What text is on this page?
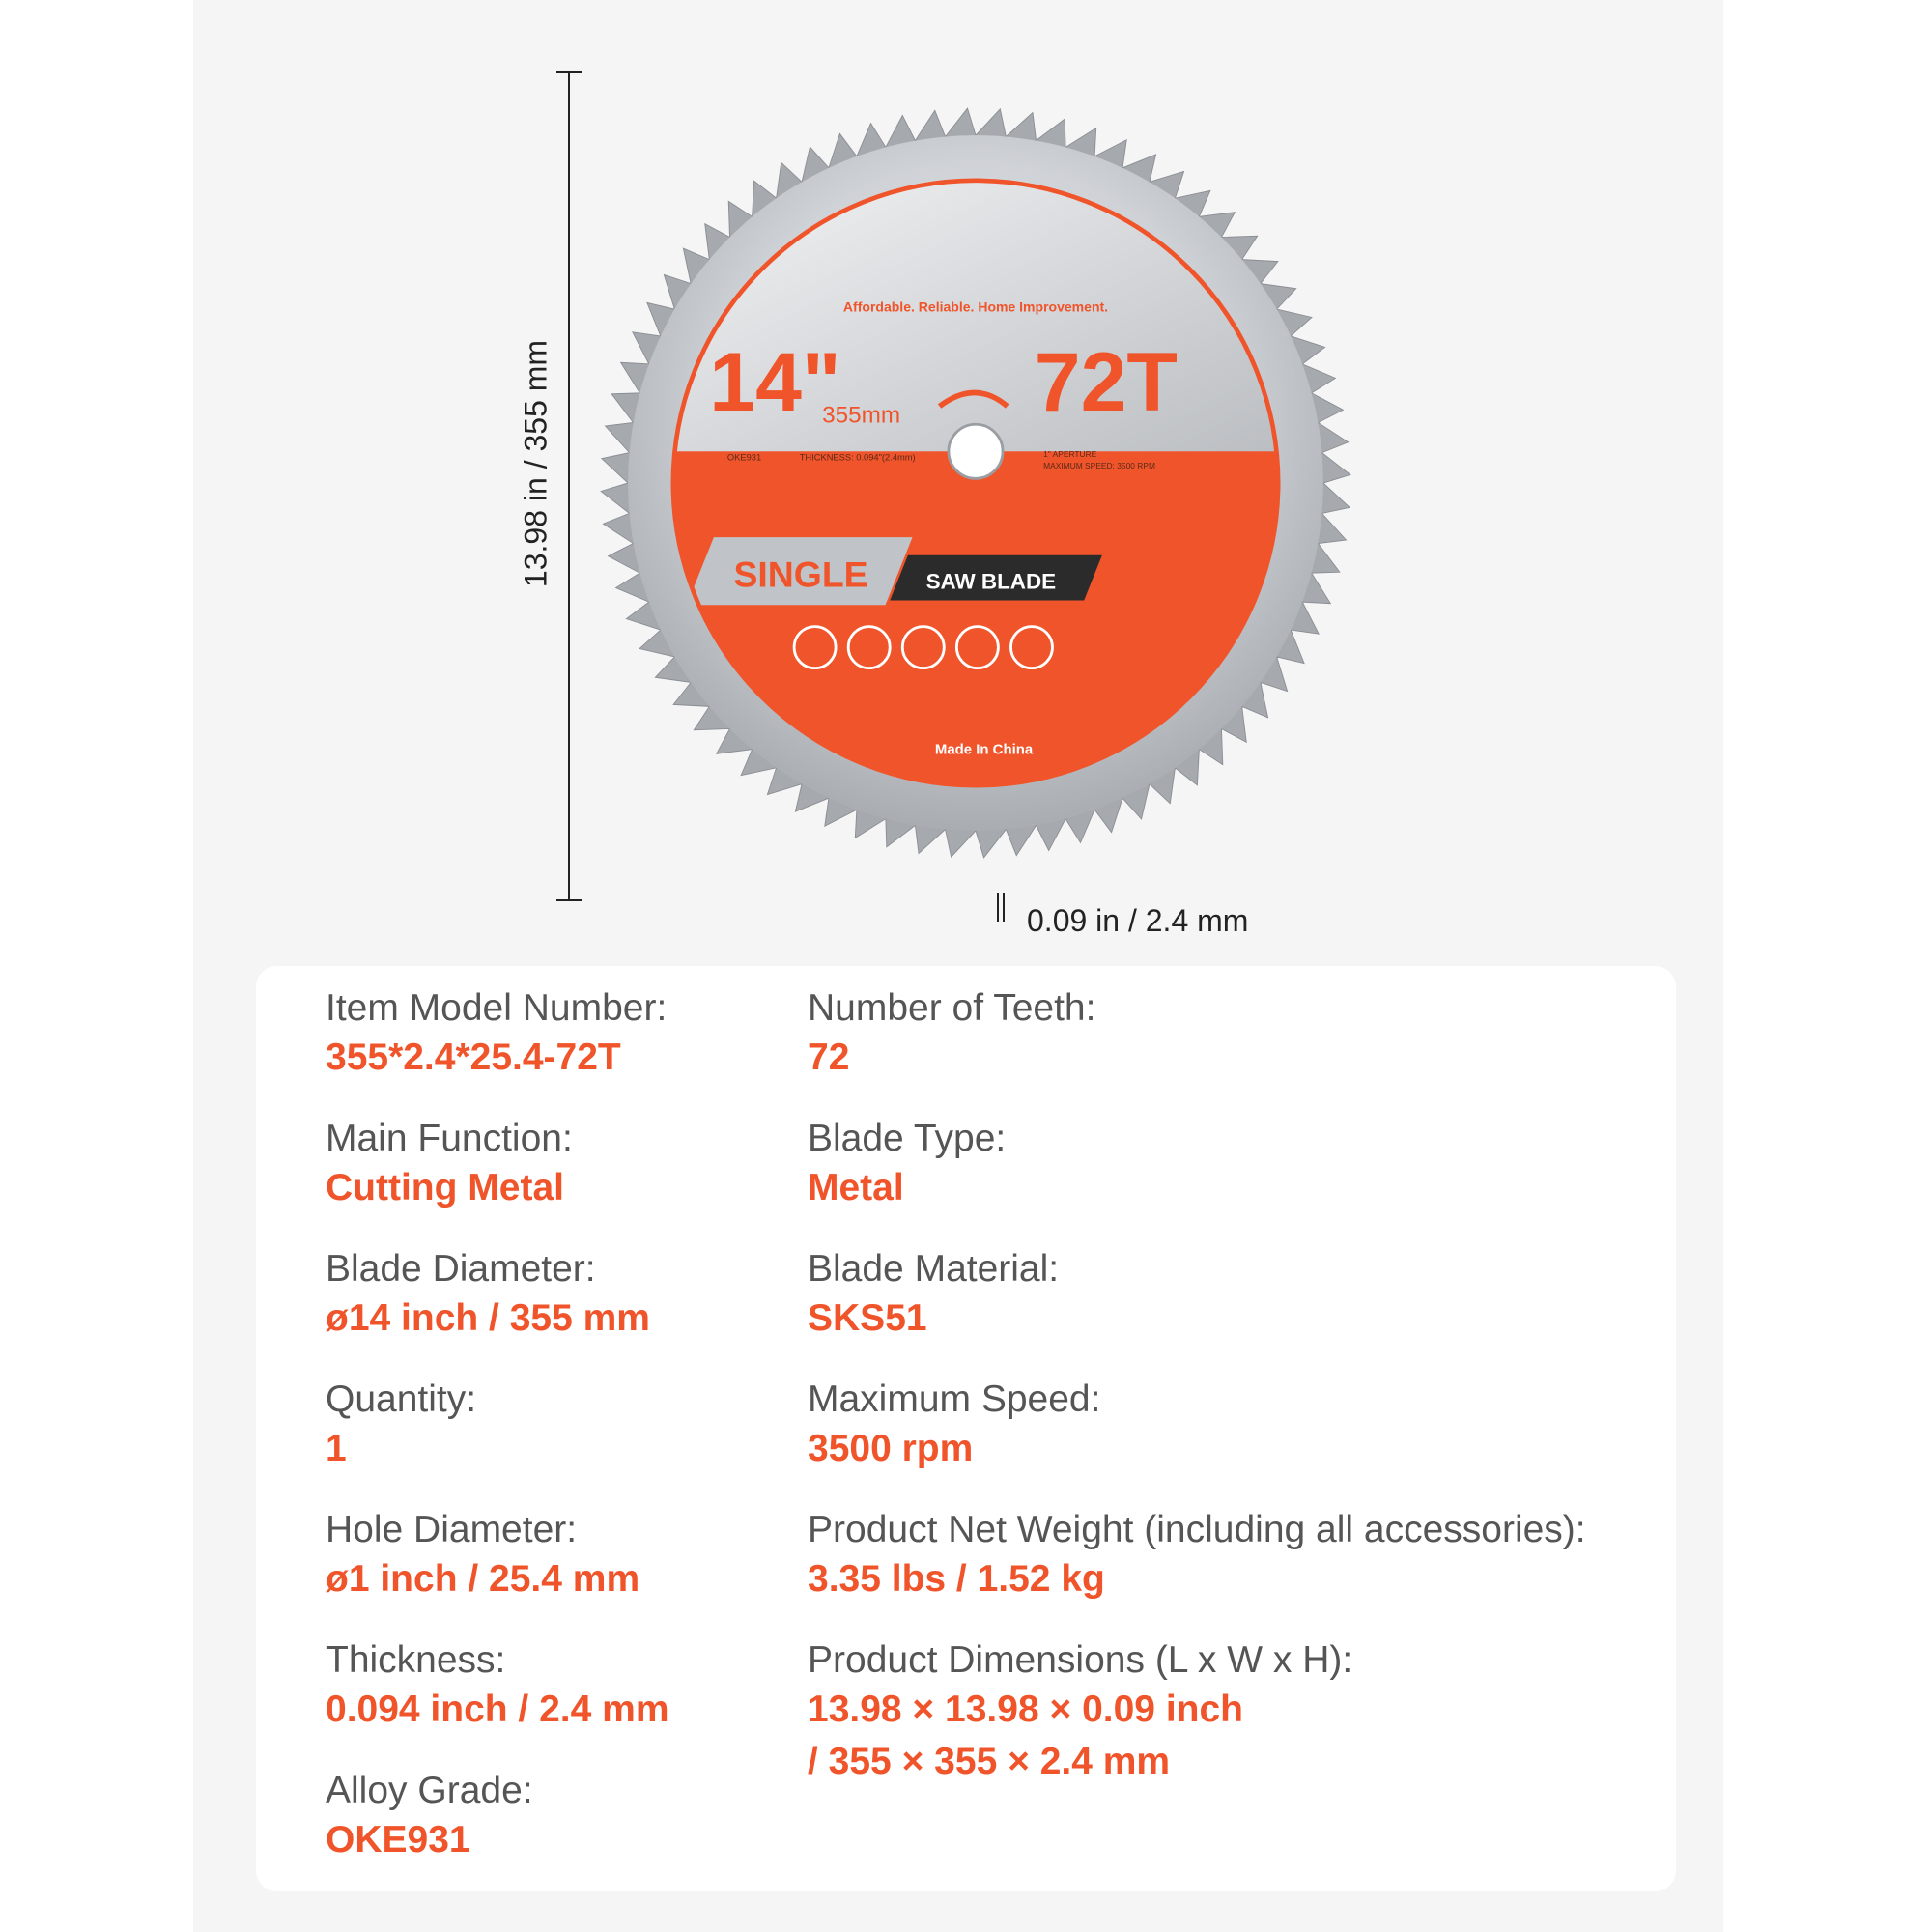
13.98 in / 355 mm
Affordable. Reliable. Home Improvement.
14"
355mm 72T
OKE931	THICKNESS: 0.094"(2.4mm)	1" APERTURE
MAXIMUM SPEED: 3500 RPM
SINGLE SAW BLADE
Made In China
0.09 in / 2.4 mm
Item Model Number:
355*2.4*25.4-72T
Main Function:
Cutting Metal
Blade Diameter:
ø14 inch / 355 mm
Quantity:
1
Hole Diameter:
ø1 inch / 25.4 mm
Thickness:
0.094 inch / 2.4 mm
Alloy Grade:
OKE931
Number of Teeth:
72
Blade Type:
Metal
Blade Material:
SKS51
Maximum Speed:
3500 rpm
Product Net Weight (including all accessories):
3.35 lbs / 1.52 kg
Product Dimensions (L x W x H):
13.98 × 13.98 × 0.09 inch
/ 355 × 355 × 2.4 mm
